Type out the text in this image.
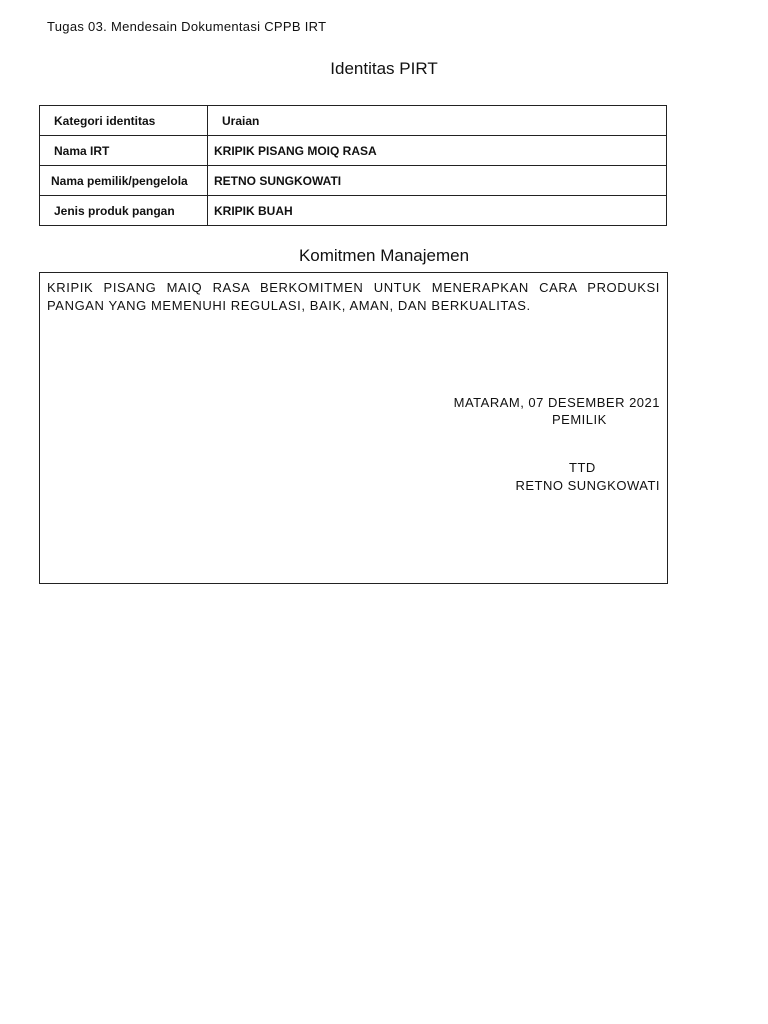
Tugas 03. Mendesain Dokumentasi CPPB IRT
Identitas PIRT
Kategori identitas	Uraian
Nama IRT	KRIPIK PISANG MOIQ RASA
Nama pemilik/pengelola	RETNO SUNGKOWATI
Jenis produk pangan	KRIPIK BUAH
Komitmen Manajemen
KRIPIK PISANG MAIQ RASA BERKOMITMEN UNTUK MENERAPKAN CARA PRODUKSI PANGAN YANG MEMENUHI REGULASI, BAIK, AMAN, DAN BERKUALITAS.
MATARAM, 07 DESEMBER 2021
PEMILIK
TTD
RETNO SUNGKOWATI
